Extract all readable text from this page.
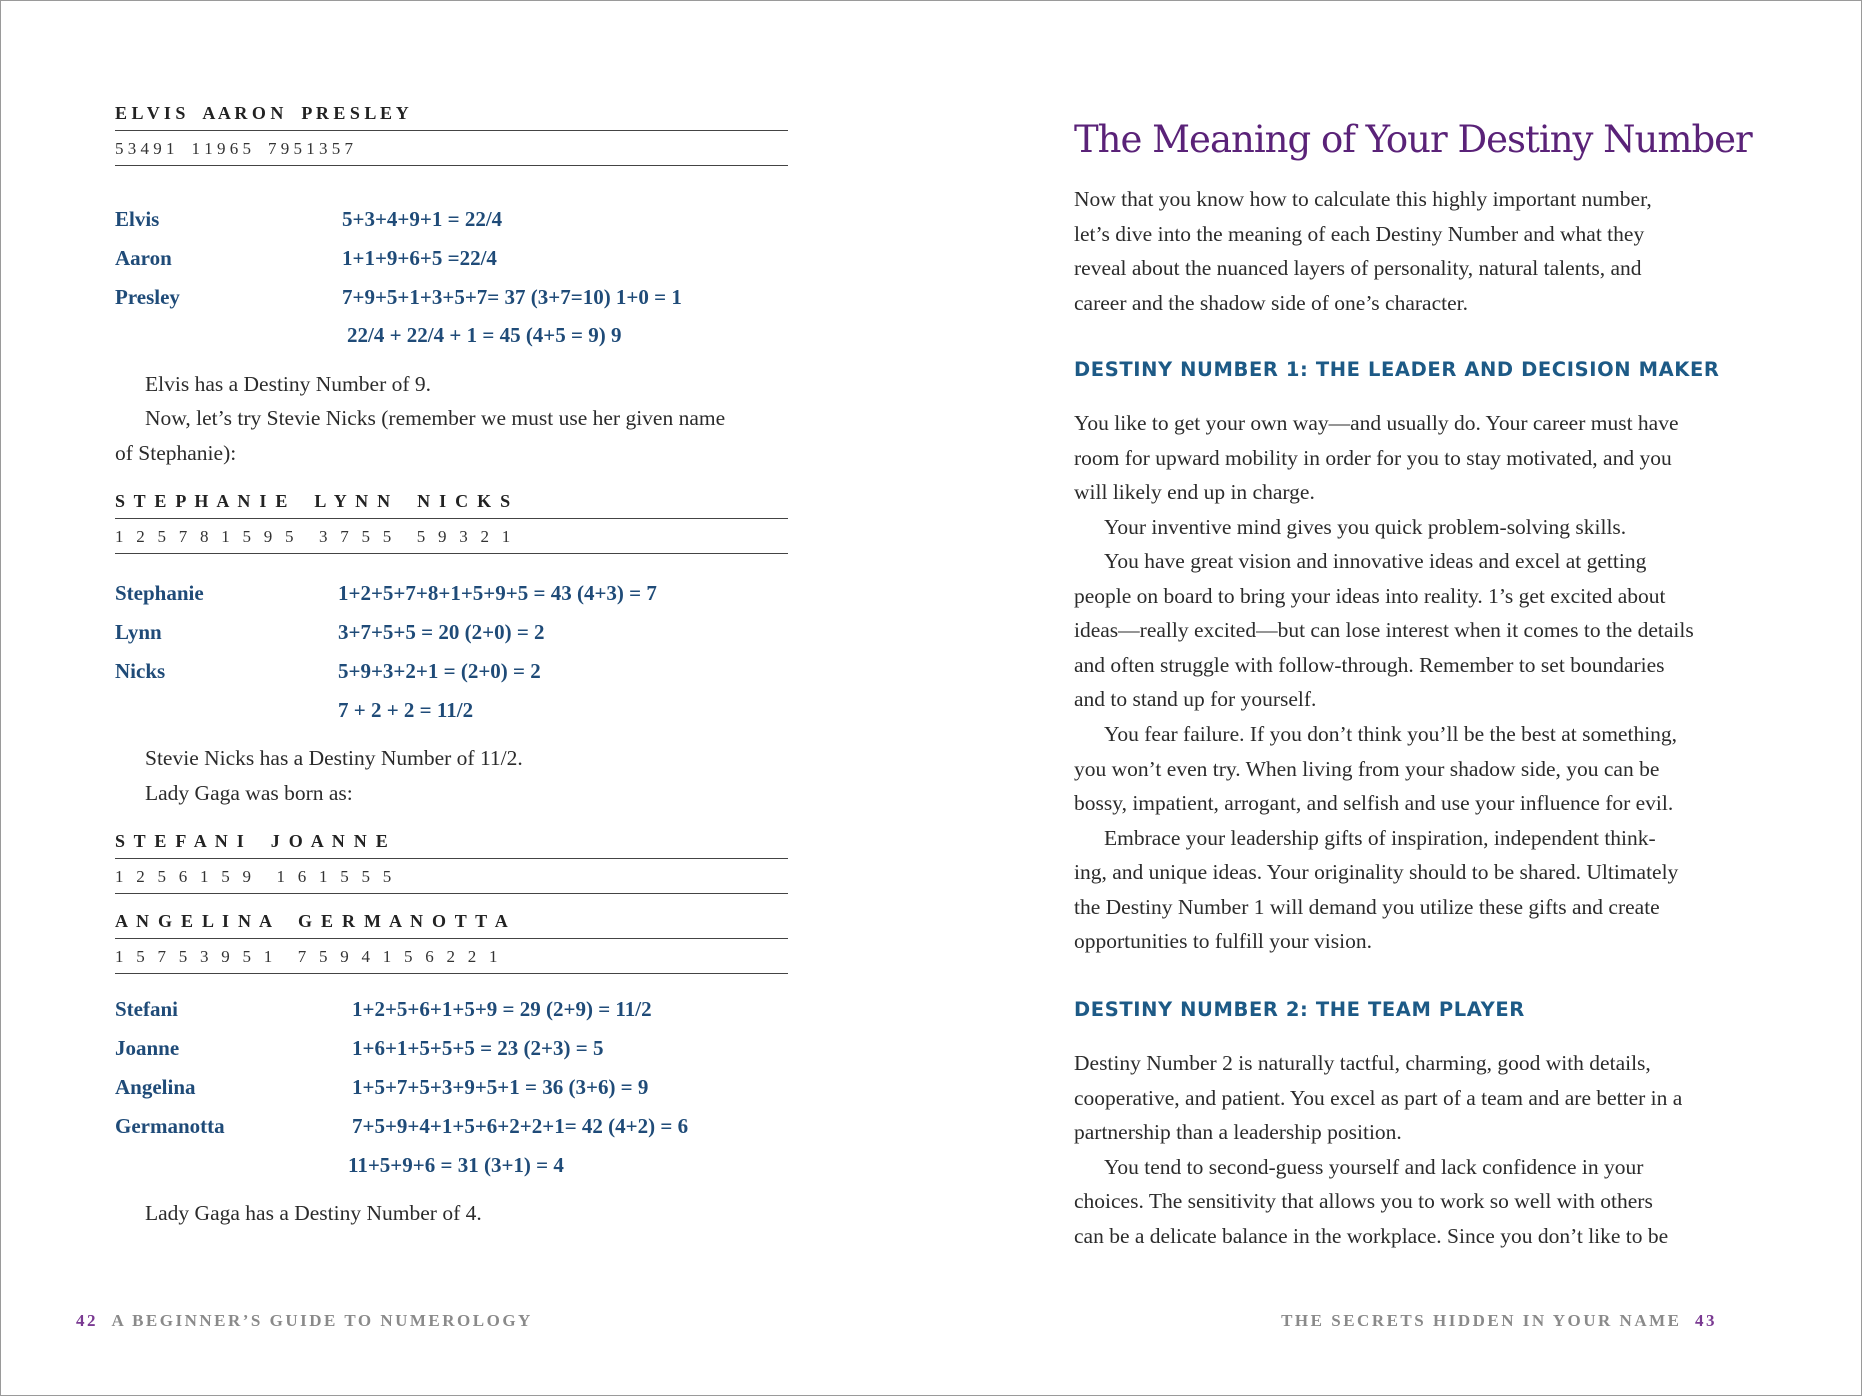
E L V I S    A A R O N    P R E S L E Y
5 3 4 9 1    1 1 9 6 5    7 9 5 1 3 5 7
Elvis	5+3+4+9+1 = 22/4
Aaron	1+1+9+6+5 =22/4
Presley	7+9+5+1+3+5+7= 37 (3+7=10) 1+0 = 1
22/4 + 22/4 + 1 = 45 (4+5 = 9) 9
Elvis has a Destiny Number of 9.
Now, let’s try Stevie Nicks (remember we must use her given name
of Stephanie):
S  T  E  P  H  A  N  I  E      L  Y  N  N      N  I  C  K  S
1   2   5   7   8   1   5   9   5      3   7   5   5      5   9   3   2   1
Stephanie	1+2+5+7+8+1+5+9+5 = 43 (4+3) = 7
Lynn	3+7+5+5 = 20 (2+0) = 2
Nicks	5+9+3+2+1 = (2+0) = 2
7 + 2 + 2 = 11/2
Stevie Nicks has a Destiny Number of 11/2.
Lady Gaga was born as:
S  T  E  F  A  N  I      J  O  A  N  N  E
1   2   5   6   1   5   9      1   6   1   5   5   5
A  N  G  E  L  I  N  A      G  E  R  M  A  N  O  T  T  A
1   5   7   5   3   9   5   1      7   5   9   4   1   5   6   2   2   1
Stefani	1+2+5+6+1+5+9 = 29 (2+9) = 11/2
Joanne	1+6+1+5+5+5 = 23 (2+3) = 5
Angelina	1+5+7+5+3+9+5+1 = 36 (3+6) = 9
Germanotta	7+5+9+4+1+5+6+2+2+1= 42 (4+2) = 6
11+5+9+6 = 31 (3+1) = 4
Lady Gaga has a Destiny Number of 4.
42 A BEGINNER’S GUIDE TO NUMEROLOGY
The Meaning of Your Destiny Number
Now that you know how to calculate this highly important number,
let’s dive into the meaning of each Destiny Number and what they
reveal about the nuanced layers of personality, natural talents, and
career and the shadow side of one’s character.
DESTINY NUMBER 1: THE LEADER AND DECISION MAKER
You like to get your own way—and usually do. Your career must have
room for upward mobility in order for you to stay motivated, and you
will likely end up in charge.
Your inventive mind gives you quick problem-solving skills.
You have great vision and innovative ideas and excel at getting
people on board to bring your ideas into reality. 1’s get excited about
ideas—really excited—but can lose interest when it comes to the details
and often struggle with follow-through. Remember to set boundaries
and to stand up for yourself.
You fear failure. If you don’t think you’ll be the best at something,
you won’t even try. When living from your shadow side, you can be
bossy, impatient, arrogant, and selfish and use your influence for evil.
Embrace your leadership gifts of inspiration, independent think-
ing, and unique ideas. Your originality should to be shared. Ultimately
the Destiny Number 1 will demand you utilize these gifts and create
opportunities to fulfill your vision.
DESTINY NUMBER 2: THE TEAM PLAYER
Destiny Number 2 is naturally tactful, charming, good with details,
cooperative, and patient. You excel as part of a team and are better in a
partnership than a leadership position.
You tend to second-guess yourself and lack confidence in your
choices. The sensitivity that allows you to work so well with others
can be a delicate balance in the workplace. Since you don’t like to be
THE SECRETS HIDDEN IN YOUR NAME 43
